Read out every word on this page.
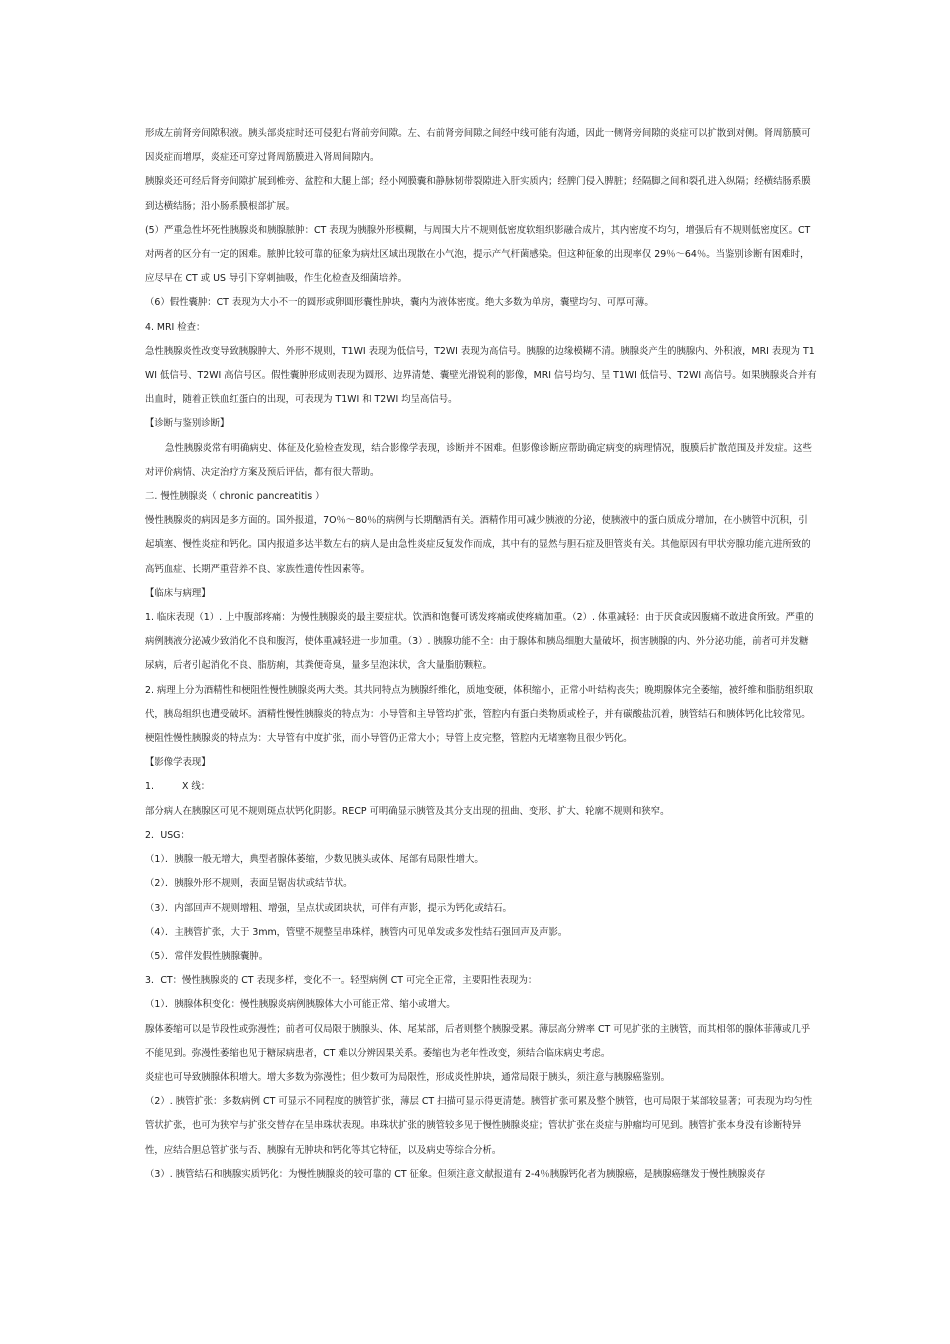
形成左前肾旁间隙积液。胰头部炎症时还可侵犯右肾前旁间隙。左、右前肾旁间隙之间经中线可能有沟通，因此一侧肾旁间隙的炎症可以扩散到对侧。肾周筋膜可因炎症而增厚，炎症还可穿过肾周筋膜进入肾周间隙内。

胰腺炎还可经后肾旁间隙扩展到椎旁、盆腔和大腿上部；经小网膜囊和静脉韧带裂隙进入肝实质内；经脾门侵入脾脏；经隔脚之间和裂孔进入纵隔；经横结肠系膜到达横结肠；沿小肠系膜根部扩展。

(5）严重急性坏死性胰腺炎和胰腺脓肿：CT 表现为胰腺外形模糊，与周围大片不规则低密度软组织影融合成片，其内密度不均匀，增强后有不规则低密度区。CT 对两者的区分有一定的困难。脓肿比较可靠的征象为病灶区域出现散在小气泡，提示产气杆菌感染。但这种征象的出现率仅 29％～64％。当鉴别诊断有困难时，应尽早在 CT 或 US 导引下穿刺抽吸，作生化检查及细菌培养。

（6）假性囊肿：CT 表现为大小不一的圆形或卵圆形囊性肿块，囊内为液体密度。绝大多数为单房，囊壁均匀、可厚可薄。

4. MRI 检查：

急性胰腺炎性改变导致胰腺肿大、外形不规则，T1WI 表现为低信号，T2WI 表现为高信号。胰腺的边缘模糊不清。胰腺炎产生的胰腺内、外积液，MRI 表现为 T1WI 低信号、T2WI 高信号区。假性囊肿形成则表现为圆形、边界清楚、囊壁光滑锐利的影像，MRI 信号均匀、呈 T1WI 低信号、T2WI 高信号。如果胰腺炎合并有出血时，随着正铁血红蛋白的出现，可表现为 T1WI 和 T2WI 均呈高信号。

【诊断与鉴别诊断】

急性胰腺炎常有明确病史、体征及化验检查发现，结合影像学表现，诊断并不困难。但影像诊断应帮助确定病变的病理情况，腹膜后扩散范围及并发症。这些对评价病情、决定治疗方案及预后评估，都有很大帮助。

二. 慢性胰腺炎（ chronic pancreatitis ）

慢性胰腺炎的病因是多方面的。国外报道，7O％～80％的病例与长期酗酒有关。酒精作用可减少胰液的分泌，使胰液中的蛋白质成分增加，在小胰管中沉积，引起填塞、慢性炎症和钙化。国内报道多达半数左右的病人是由急性炎症反复发作而成，其中有的显然与胆石症及胆管炎有关。其他原因有甲状旁腺功能亢进所致的高钙血症、长期严重营养不良、家族性遗传性因素等。

【临床与病理】

1. 临床表现（1）. 上中腹部疼痛：为慢性胰腺炎的最主要症状。饮酒和饱餐可诱发疼痛或使疼痛加重。（2）. 体重减轻：由于厌食或因腹痛不敢进食所致。严重的病例胰液分泌减少致消化不良和腹泻，使体重减轻进一步加重。（3）. 胰腺功能不全：由于腺体和胰岛细胞大量破坏，损害胰腺的内、外分泌功能，前者可并发糖尿病，后者引起消化不良、脂肪痢，其粪便奇臭，量多呈泡沫状，含大量脂肪颗粒。

2. 病理上分为酒精性和梗阻性慢性胰腺炎两大类。其共同特点为胰腺纤维化，质地变硬，体积缩小，正常小叶结构丧失；晚期腺体完全萎缩，被纤维和脂肪组织取代，胰岛组织也遭受破坏。酒精性慢性胰腺炎的特点为：小导管和主导管均扩张，管腔内有蛋白类物质或栓子，并有碳酸盐沉着，胰管结石和胰体钙化比较常见。梗阻性慢性胰腺炎的特点为：大导管有中度扩张，而小导管仍正常大小；导管上皮完整，管腔内无堵塞物且很少钙化。

【影像学表现】

1.	X 线：

部分病人在胰腺区可见不规则斑点状钙化阴影。RECP 可明确显示胰管及其分支出现的扭曲、变形、扩大、轮廓不规则和狭窄。

2．USG：

（1）．胰腺一般无增大，典型者腺体萎缩，少数见胰头或体、尾部有局限性增大。

（2）．胰腺外形不规则，表面呈锯齿状或结节状。

（3）．内部回声不规则增粗、增强，呈点状或团块状，可伴有声影，提示为钙化或结石。

（4）．主胰管扩张，大于 3mm，管壁不规整呈串珠样，胰管内可见单发或多发性结石强回声及声影。

（5）．常伴发假性胰腺囊肿。

3．CT：慢性胰腺炎的 CT 表现多样，变化不一。轻型病例 CT 可完全正常，主要阳性表现为：

（1）．胰腺体积变化：慢性胰腺炎病例胰腺体大小可能正常、缩小或增大。

腺体萎缩可以是节段性或弥漫性；前者可仅局限于胰腺头、体、尾某部，后者则整个胰腺受累。薄层高分辨率 CT 可见扩张的主胰管，而其相邻的腺体菲薄或几乎不能见到。弥漫性萎缩也见于糖尿病患者，CT 难以分辨因果关系。萎缩也为老年性改变，须结合临床病史考虑。

炎症也可导致胰腺体积增大。增大多数为弥漫性；但少数可为局限性，形成炎性肿块，通常局限于胰头，须注意与胰腺癌鉴别。

（2）. 胰管扩张：多数病例 CT 可显示不同程度的胰管扩张，薄层 CT 扫描可显示得更清楚。胰管扩张可累及整个胰管，也可局限于某部较显著；可表现为均匀性管状扩张，也可为狭窄与扩张交替存在呈串珠状表现。串珠状扩张的胰管较多见于慢性胰腺炎症；管状扩张在炎症与肿瘤均可见到。胰管扩张本身没有诊断特异性，应结合胆总管扩张与否、胰腺有无肿块和钙化等其它特征，以及病史等综合分析。

（3）. 胰管结石和胰腺实质钙化：为慢性胰腺炎的较可靠的 CT 征象。但须注意文献报道有 2-4％胰腺钙化者为胰腺癌，是胰腺癌继发于慢性胰腺炎存
